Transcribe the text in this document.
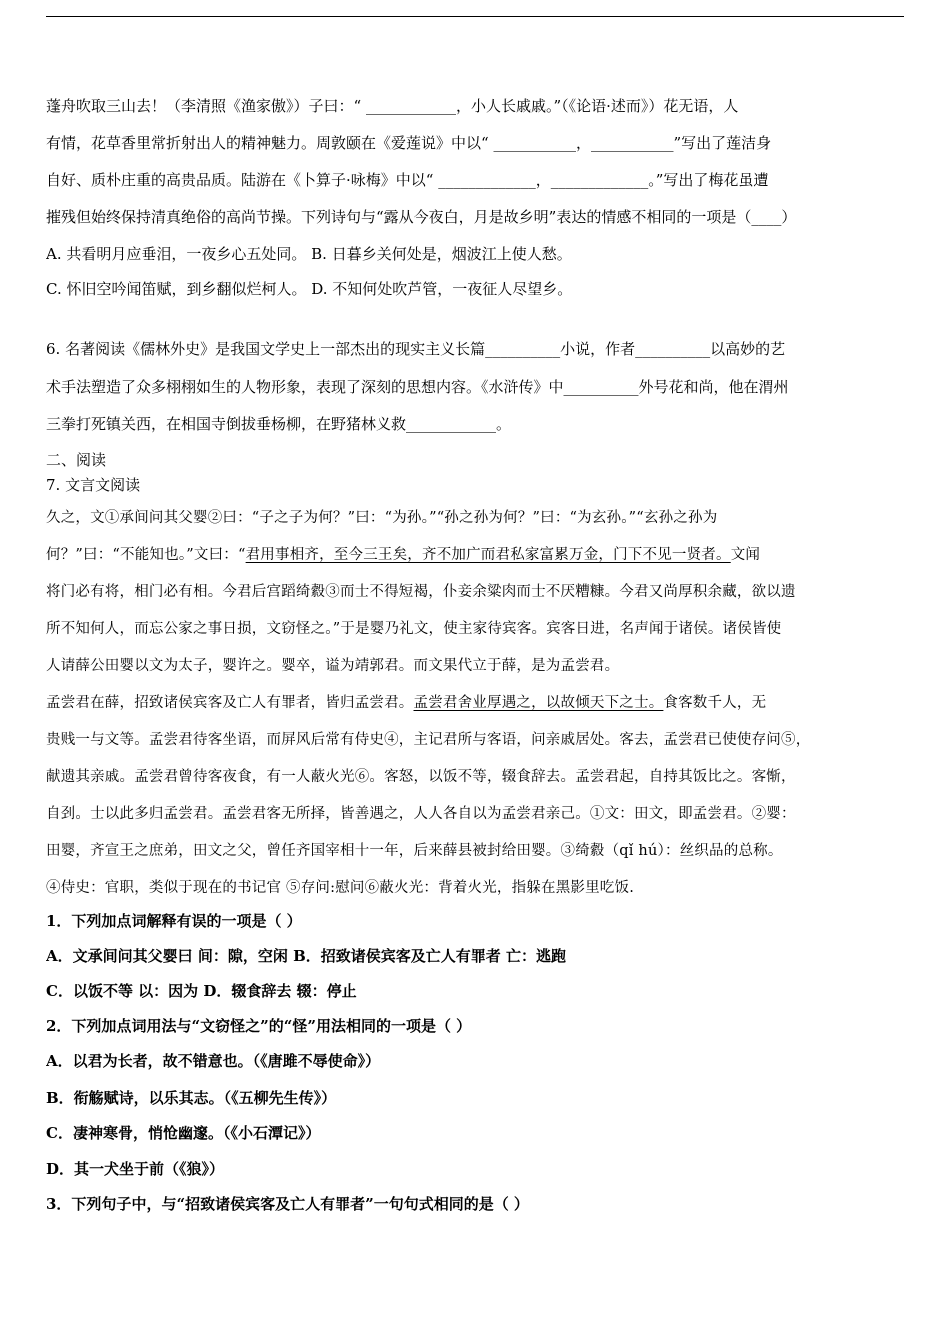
蓬舟吹取三山去！（李清照《渔家傲》）子曰：“ ____________，小人长戚戚。”（《论语·述而》）花无语，人
有情，花草香里常折射出人的精神魅力。周敦颐在《爱莲说》中以“ ___________，___________”写出了莲洁身
自好、质朴庄重的高贵品质。陆游在《卜算子·咏梅》中以“ _____________，_____________。”写出了梅花虽遭
摧残但始终保持清真绝俗的高尚节操。下列诗句与“露从今夜白，月是故乡明”表达的情感不相同的一项是（____）
A. 共看明月应垂泪，一夜乡心五处同。 B. 日暮乡关何处是，烟波江上使人愁。
C. 怀旧空吟闻笛赋，到乡翻似烂柯人。 D. 不知何处吹芦管，一夜征人尽望乡。
6. 名著阅读《儒林外史》是我国文学史上一部杰出的现实主义长篇__________小说，作者__________以高妙的艺
术手法塑造了众多栩栩如生的人物形象，表现了深刻的思想内容。《水浒传》中__________外号花和尚，他在渭州
三拳打死镇关西，在相国寺倒拔垂杨柳，在野猪林义救____________。
二、阅读
7. 文言文阅读
久之，文①承间问其父婴②曰：“子之子为何？”曰：“为孙。”“孙之孙为何？”曰：“为玄孙。”“玄孙之孙为
何？”曰：“不能知也。”文曰：“君用事相齐，至今三王矣，齐不加广而君私家富累万金，门下不见一贤者。文闻
将门必有将，相门必有相。今君后宫蹈绮縠③而士不得短褐，仆妾余粱肉而士不厌糟糠。今君又尚厚积余藏，欲以遗
所不知何人，而忘公家之事日损，文窃怪之。”于是婴乃礼文，使主家待宾客。宾客日进，名声闻于诸侯。诸侯皆使
人请薛公田婴以文为太子，婴许之。婴卒，谥为靖郭君。而文果代立于薛，是为孟尝君。
孟尝君在薛，招致诸侯宾客及亡人有罪者，皆归孟尝君。孟尝君舍业厚遇之，以故倾天下之士。食客数千人，无
贵贱一与文等。孟尝君待客坐语，而屏风后常有侍史④，主记君所与客语，问亲戚居处。客去，孟尝君已使使存问⑤，
献遗其亲戚。孟尝君曾待客夜食，有一人蔽火光⑥。客怒，以饭不等，辍食辞去。孟尝君起，自持其饭比之。客惭，
自刭。士以此多归孟尝君。孟尝君客无所择，皆善遇之，人人各自以为孟尝君亲己。①文：田文，即孟尝君。②婴：
田婴，齐宣王之庶弟，田文之父，曾任齐国宰相十一年，后来薛县被封给田婴。③绮縠（qǐ hú）：丝织品的总称。
④侍史：官职，类似于现在的书记官 ⑤存问:慰问⑥蔽火光：背着火光，指躲在黑影里吃饭.
1．下列加点词解释有误的一项是（ ）
A．文承间问其父婴曰 间：隙，空闲 B．招致诸侯宾客及亡人有罪者 亡：逃跑
C．以饭不等 以：因为 D．辍食辞去 辍：停止
2．下列加点词用法与“文窃怪之”的“怪”用法相同的一项是（ ）
A．以君为长者，故不错意也。（《唐雎不辱使命》）
B．衔觞赋诗，以乐其志。（《五柳先生传》）
C．凄神寒骨，悄怆幽邃。（《小石潭记》）
D．其一犬坐于前（《狼》）
3．下列句子中，与“招致诸侯宾客及亡人有罪者”一句句式相同的是（ ）
